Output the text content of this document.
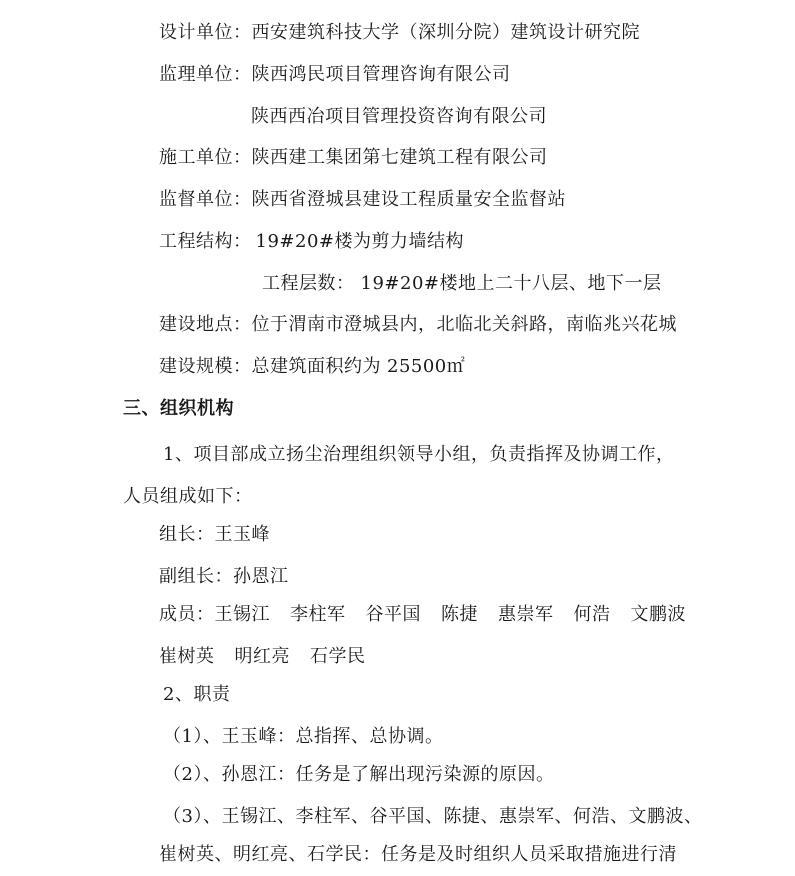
设计单位：西安建筑科技大学（深圳分院）建筑设计研究院
监理单位：陕西鸿民项目管理咨询有限公司
陕西西冶项目管理投资咨询有限公司
施工单位：陕西建工集团第七建筑工程有限公司
监督单位：陕西省澄城县建设工程质量安全监督站
工程结构： 19#20#楼为剪力墙结构
工程层数： 19#20#楼地上二十八层、地下一层
建设地点：位于渭南市澄城县内，北临北关斜路，南临兆兴花城
建设规模：总建筑面积约为 25500㎡
三、组织机构
1、项目部成立扬尘治理组织领导小组，负责指挥及协调工作，
人员组成如下：
组长：王玉峰
副组长：孙恩江
成员：王锡江 李柱军 谷平国 陈捷 惠崇军 何浩 文鹏波
崔树英 明红亮 石学民
2、职责
（1）、王玉峰：总指挥、总协调。
（2）、孙恩江：任务是了解出现污染源的原因。
（3）、王锡江、李柱军、谷平国、陈捷、惠崇军、何浩、文鹏波、
崔树英、明红亮、石学民：任务是及时组织人员采取措施进行清
